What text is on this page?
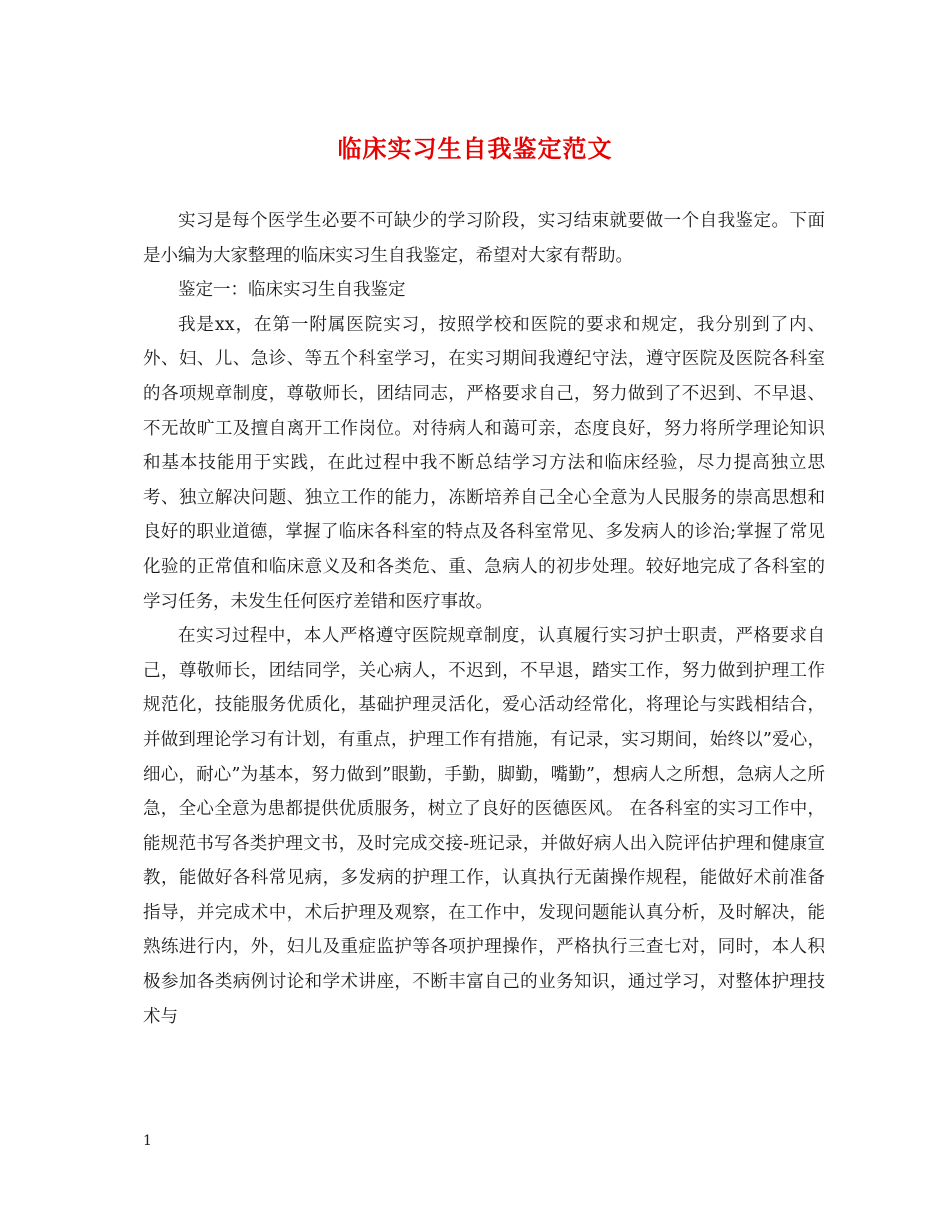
临床实习生自我鉴定范文

实习是每个医学生必要不可缺少的学习阶段，实习结束就要做一个自我鉴定。下面是小编为大家整理的临床实习生自我鉴定，希望对大家有帮助。

鉴定一：临床实习生自我鉴定

我是xx，在第一附属医院实习，按照学校和医院的要求和规定，我分别到了内、外、妇、儿、急诊、等五个科室学习，在实习期间我遵纪守法，遵守医院及医院各科室的各项规章制度，尊敬师长，团结同志，严格要求自己，努力做到了不迟到、不早退、不无故旷工及擅自离开工作岗位。对待病人和蔼可亲，态度良好，努力将所学理论知识和基本技能用于实践，在此过程中我不断总结学习方法和临床经验，尽力提高独立思考、独立解决问题、独立工作的能力，冻断培养自己全心全意为人民服务的崇高思想和良好的职业道德，掌握了临床各科室的特点及各科室常见、多发病人的诊治;掌握了常见化验的正常值和临床意义及和各类危、重、急病人的初步处理。较好地完成了各科室的学习任务，未发生任何医疗差错和医疗事故。

在实习过程中，本人严格遵守医院规章制度，认真履行实习护士职责，严格要求自己，尊敬师长，团结同学，关心病人，不迟到，不早退，踏实工作，努力做到护理工作规范化，技能服务优质化，基础护理灵活化，爱心活动经常化，将理论与实践相结合，并做到理论学习有计划，有重点，护理工作有措施，有记录，实习期间，始终以”爱心，细心，耐心”为基本，努力做到”眼勤，手勤，脚勤，嘴勤”，想病人之所想，急病人之所急，全心全意为患都提供优质服务，树立了良好的医德医风。 在各科室的实习工作中，能规范书写各类护理文书，及时完成交接-班记录，并做好病人出入院评估护理和健康宣教，能做好各科常见病，多发病的护理工作，认真执行无菌操作规程，能做好术前准备指导，并完成术中，术后护理及观察，在工作中，发现问题能认真分析，及时解决，能熟练进行内，外，妇儿及重症监护等各项护理操作，严格执行三查七对，同时，本人积极参加各类病例讨论和学术讲座，不断丰富自己的业务知识，通过学习，对整体护理技术与

1
